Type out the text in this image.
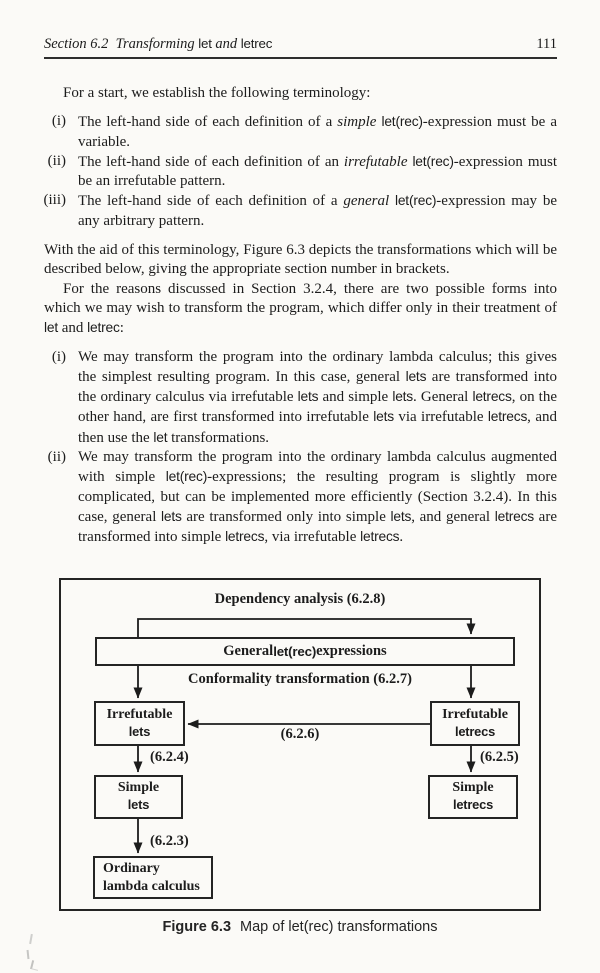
Section 6.2 Transforming let and letrec	111

For a start, we establish the following terminology:

(i) The left-hand side of each definition of a simple let(rec)-expression must be a variable.
(ii) The left-hand side of each definition of an irrefutable let(rec)-expression must be an irrefutable pattern.
(iii) The left-hand side of each definition of a general let(rec)-expression may be any arbitrary pattern.

With the aid of this terminology, Figure 6.3 depicts the transformations which will be described below, giving the appropriate section number in brackets.

For the reasons discussed in Section 3.2.4, there are two possible forms into which we may wish to transform the program, which differ only in their treatment of let and letrec:

(i) We may transform the program into the ordinary lambda calculus; this gives the simplest resulting program. In this case, general lets are transformed into the ordinary calculus via irrefutable lets and simple lets. General letrecs, on the other hand, are first transformed into irrefutable lets via irrefutable letrecs, and then use the let transformations.
(ii) We may transform the program into the ordinary lambda calculus augmented with simple let(rec)-expressions; the resulting program is slightly more complicated, but can be implemented more efficiently (Section 3.2.4). In this case, general lets are transformed only into simple lets, and general letrecs are transformed into simple letrecs, via irrefutable letrecs.
Dependency analysis (6.2.8)
General let(rec) expressions
Conformality transformation (6.2.7)
Irrefutable
lets
Irrefutable
letrecs
(6.2.6)
(6.2.4)	(6.2.5)
Simple
lets
Simple
letrecs
(6.2.3)
Ordinary
lambda calculus
Figure 6.3 Map of let(rec) transformations
